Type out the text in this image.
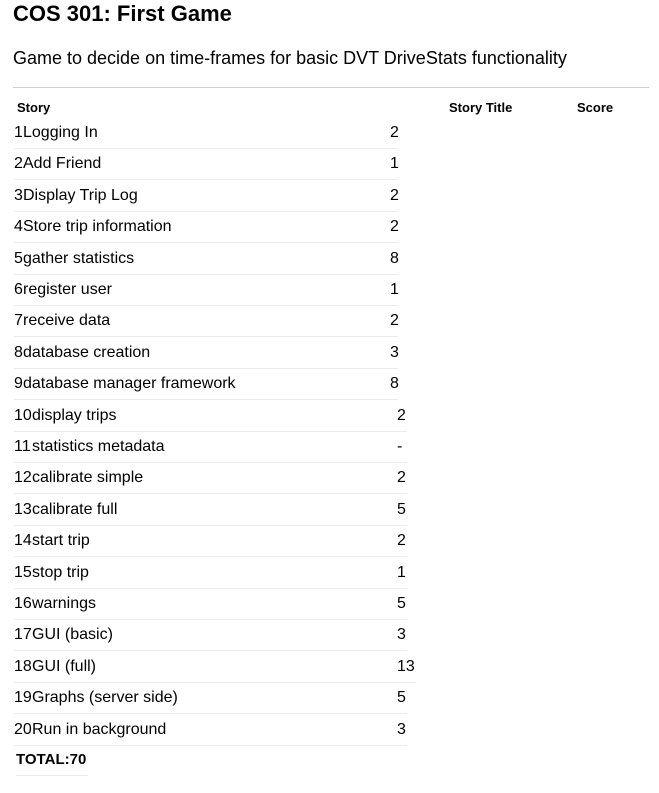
COS 301: First Game

Game to decide on time-frames for basic DVT DriveStats functionality

Story	Story Title	Score
1 Logging In	2
2 Add Friend	1
3 Display Trip Log	2
4 Store trip information	2
5 gather statistics	8
6 register user	1
7 receive data	2
8 database creation	3
9 database manager framework	8
10 display trips	2
11 statistics metadata	-
12 calibrate simple	2
13 calibrate full	5
14 start trip	2
15 stop trip	1
16 warnings	5
17 GUI (basic)	3
18 GUI (full)	13
19 Graphs (server side)	5
20 Run in background	3
TOTAL:70
